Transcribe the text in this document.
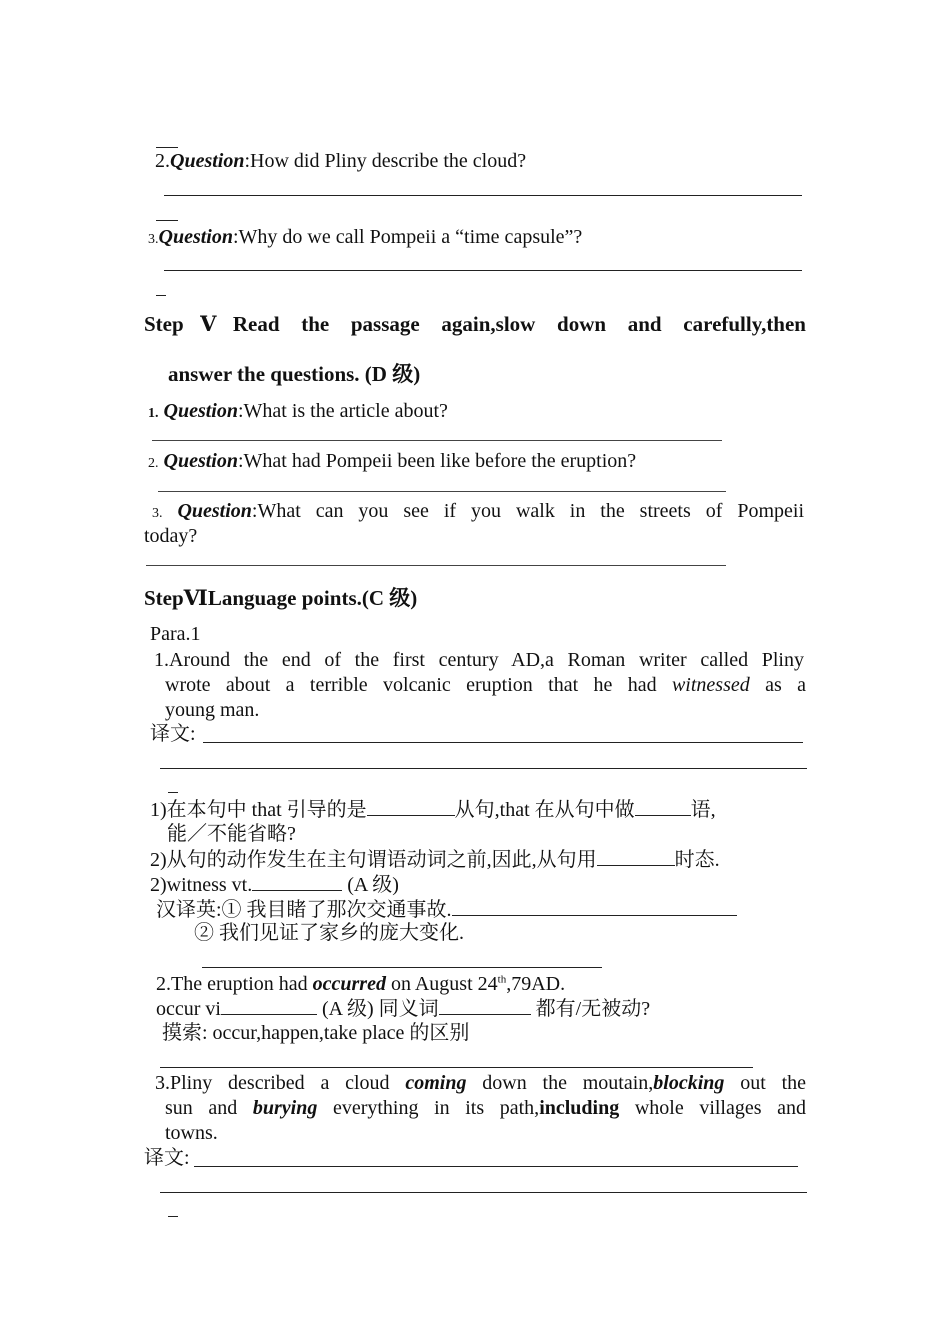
2.Question:How did Pliny describe the cloud?
3.Question:Why do we call Pompeii a “time capsule”?
StepⅤRead the passage again,slow down and carefully,then
answer the questions. (D 级)
1. Question:What is the article about?
2. Question:What had Pompeii been like before the eruption?
3. Question:What can you see if you walk in the streets of Pompeii
today?
StepⅥLanguage points.(C 级)
Para.1
1.Around the end of the first century AD,a Roman writer called Pliny
wrote about a terrible volcanic eruption that he had witnessed as a
young man.
译文:
1)在本句中 that 引导的是	从句,that 在从句中做	语,
能／不能省略?
2)从句的动作发生在主句谓语动词之前,因此,从句用	时态.
2)witness vt.	(A 级)
汉译英:① 我目睹了那次交通事故.
② 我们见证了家乡的庞大变化.
2.The eruption had occurred on August 24th,79AD.
occur vi	(A 级) 同义词	都有/无被动?
摸索: occur,happen,take place 的区别
3.Pliny described a cloud coming down the moutain,blocking out the
sun and burying everything in its path,including whole villages and
towns.
译文:
